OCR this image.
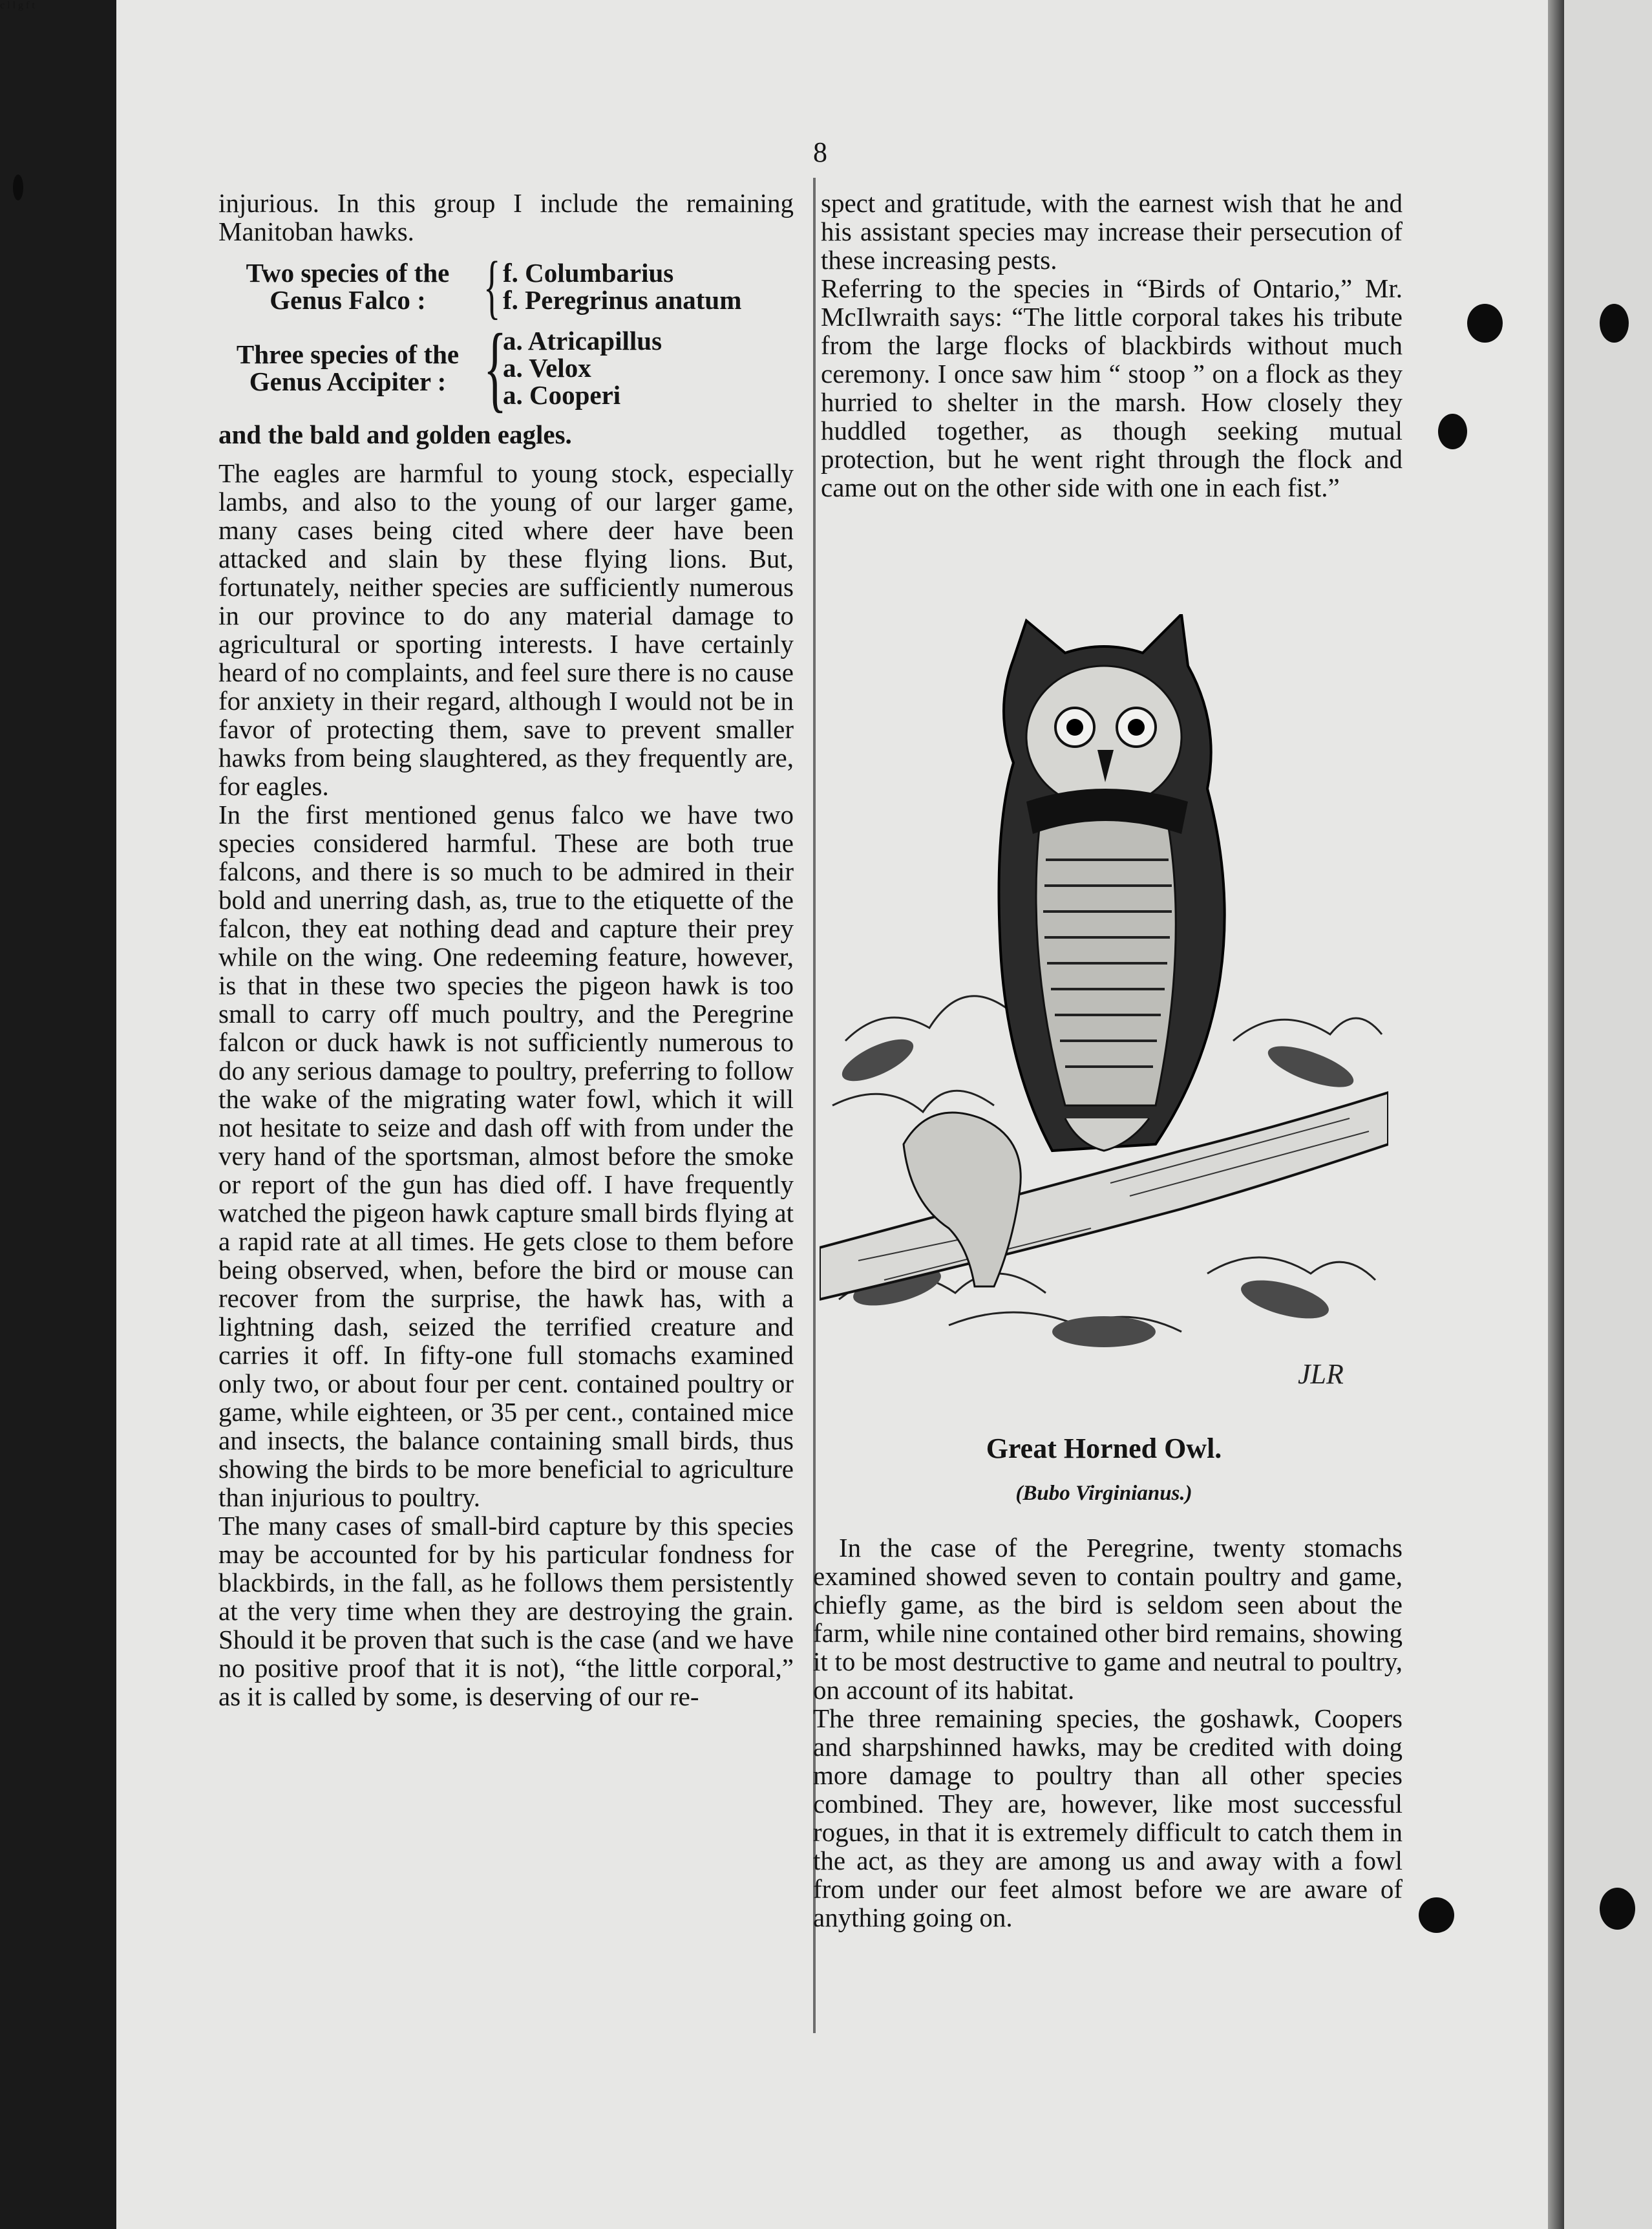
c l l g f t
8

injurious. In this group I include the remaining Manitoban hawks.

Two species of the Genus Falco : { f. Columbarius
f. Peregrinus anatum
Three species of the Genus Accipiter : {
a. Atricapillus
a. Velox
a. Cooperi

and the bald and golden eagles.

The eagles are harmful to young stock, especially lambs, and also to the young of our larger game, many cases being cited where deer have been attacked and slain by these flying lions. But, fortunately, neither species are sufficiently numerous in our province to do any material damage to agricultural or sporting interests. I have certainly heard of no complaints, and feel sure there is no cause for anxiety in their regard, although I would not be in favor of protecting them, save to prevent smaller hawks from being slaughtered, as they frequently are, for eagles.

In the first mentioned genus falco we have two species considered harmful. These are both true falcons, and there is so much to be admired in their bold and unerring dash, as, true to the etiquette of the falcon, they eat nothing dead and capture their prey while on the wing. One redeeming feature, however, is that in these two species the pigeon hawk is too small to carry off much poultry, and the Peregrine falcon or duck hawk is not sufficiently numerous to do any serious damage to poultry, preferring to follow the wake of the migrating water fowl, which it will not hesitate to seize and dash off with from under the very hand of the sportsman, almost before the smoke or report of the gun has died off. I have frequently watched the pigeon hawk capture small birds flying at a rapid rate at all times. He gets close to them before being observed, when, before the bird or mouse can recover from the surprise, the hawk has, with a lightning dash, seized the terrified creature and carries it off. In fifty-one full stomachs examined only two, or about four per cent. contained poultry or game, while eighteen, or 35 per cent., contained mice and insects, the balance containing small birds, thus showing the birds to be more beneficial to agriculture than injurious to poultry.

The many cases of small-bird capture by this species may be accounted for by his particular fondness for blackbirds, in the fall, as he follows them persistently at the very time when they are destroying the grain. Should it be proven that such is the case (and we have no positive proof that it is not), “the little corporal,” as it is called by some, is deserving of our re-

spect and gratitude, with the earnest wish that he and his assistant species may increase their persecution of these increasing pests.

Referring to the species in “Birds of Ontario,” Mr. McIlwraith says: “The little corporal takes his tribute from the large flocks of blackbirds without much ceremony. I once saw him “ stoop ” on a flock as they hurried to shelter in the marsh. How closely they huddled together, as though seeking mutual protection, but he went right through the flock and came out on the other side with one in each fist.”

JLR
Great Horned Owl.
(Bubo Virginianus.)

In the case of the Peregrine, twenty stomachs examined showed seven to contain poultry and game, chiefly game, as the bird is seldom seen about the farm, while nine contained other bird remains, showing it to be most destructive to game and neutral to poultry, on account of its habitat.

The three remaining species, the goshawk, Coopers and sharpshinned hawks, may be credited with doing more damage to poultry than all other species combined. They are, however, like most successful rogues, in that it is extremely difficult to catch them in the act, as they are among us and away with a fowl from under our feet almost before we are aware of anything going on.
